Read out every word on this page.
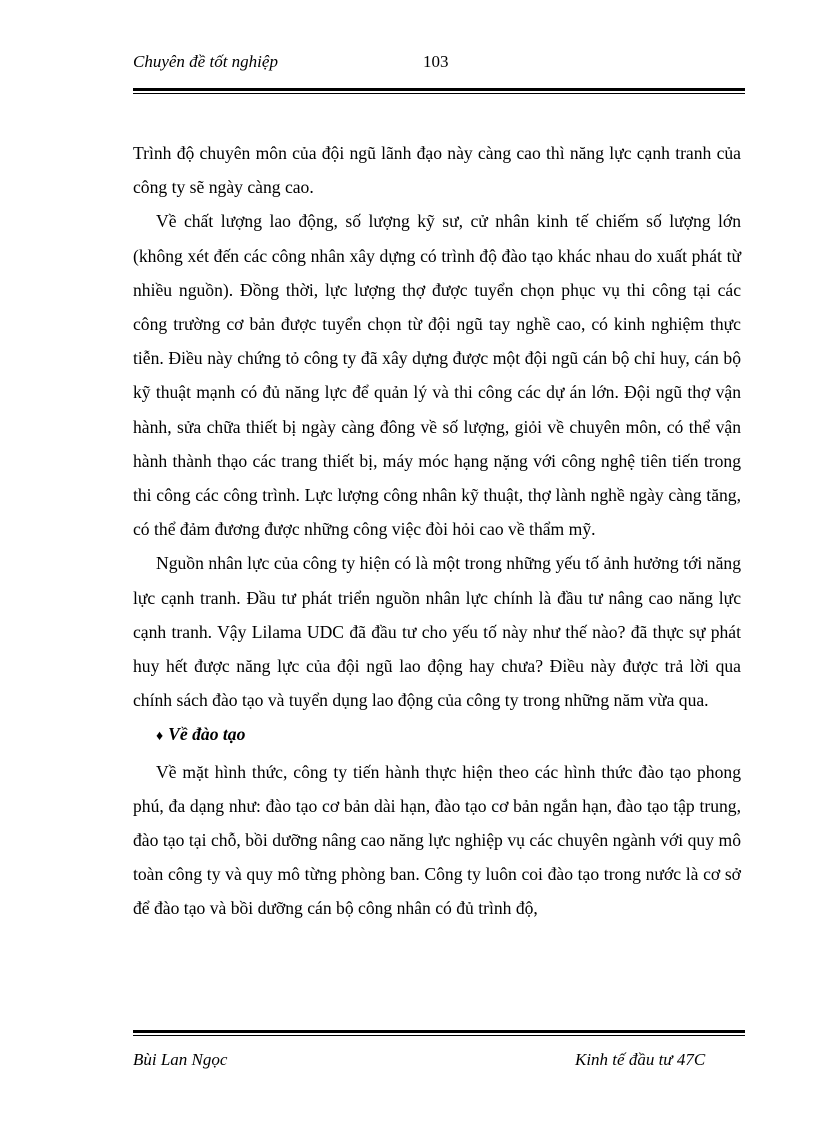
Chuyên đề tốt nghiệp	103

Trình độ chuyên môn của đội ngũ lãnh đạo này càng cao thì năng lực cạnh tranh của công ty sẽ ngày càng cao.

Về chất lượng lao động, số lượng kỹ sư, cử nhân kinh tế chiếm số lượng lớn (không xét đến các công nhân xây dựng có trình độ đào tạo khác nhau do xuất phát từ nhiều nguồn). Đồng thời, lực lượng thợ được tuyển chọn phục vụ thi công tại các công trường cơ bản được tuyển chọn từ đội ngũ tay nghề cao, có kinh nghiệm thực tiễn. Điều này chứng tỏ công ty đã xây dựng được một đội ngũ cán bộ chỉ huy, cán bộ kỹ thuật mạnh có đủ năng lực để quản lý và thi công các dự án lớn. Đội ngũ thợ vận hành, sửa chữa thiết bị ngày càng đông về số lượng, giỏi về chuyên môn, có thể vận hành thành thạo các trang thiết bị, máy móc hạng nặng với công nghệ tiên tiến trong thi công các công trình. Lực lượng công nhân kỹ thuật, thợ lành nghề ngày càng tăng, có thể đảm đương được những công việc đòi hỏi cao về thẩm mỹ.

Nguồn nhân lực của công ty hiện có là một trong những yếu tố ảnh hưởng tới năng lực cạnh tranh. Đầu tư phát triển nguồn nhân lực chính là đầu tư nâng cao năng lực cạnh tranh. Vậy Lilama UDC đã đầu tư cho yếu tố này như thế nào? đã thực sự phát huy hết được năng lực của đội ngũ lao động hay chưa? Điều này được trả lời qua chính sách đào tạo và tuyển dụng lao động của công ty trong những năm vừa qua.

♦ Về đào tạo

Về mặt hình thức, công ty tiến hành thực hiện theo các hình thức đào tạo phong phú, đa dạng như: đào tạo cơ bản dài hạn, đào tạo cơ bản ngắn hạn, đào tạo tập trung, đào tạo tại chỗ, bồi dưỡng nâng cao năng lực nghiệp vụ các chuyên ngành với quy mô toàn công ty và quy mô từng phòng ban. Công ty luôn coi đào tạo trong nước là cơ sở để đào tạo và bồi dưỡng cán bộ công nhân có đủ trình độ,

Bùi Lan Ngọc	Kinh tế đầu tư 47C
